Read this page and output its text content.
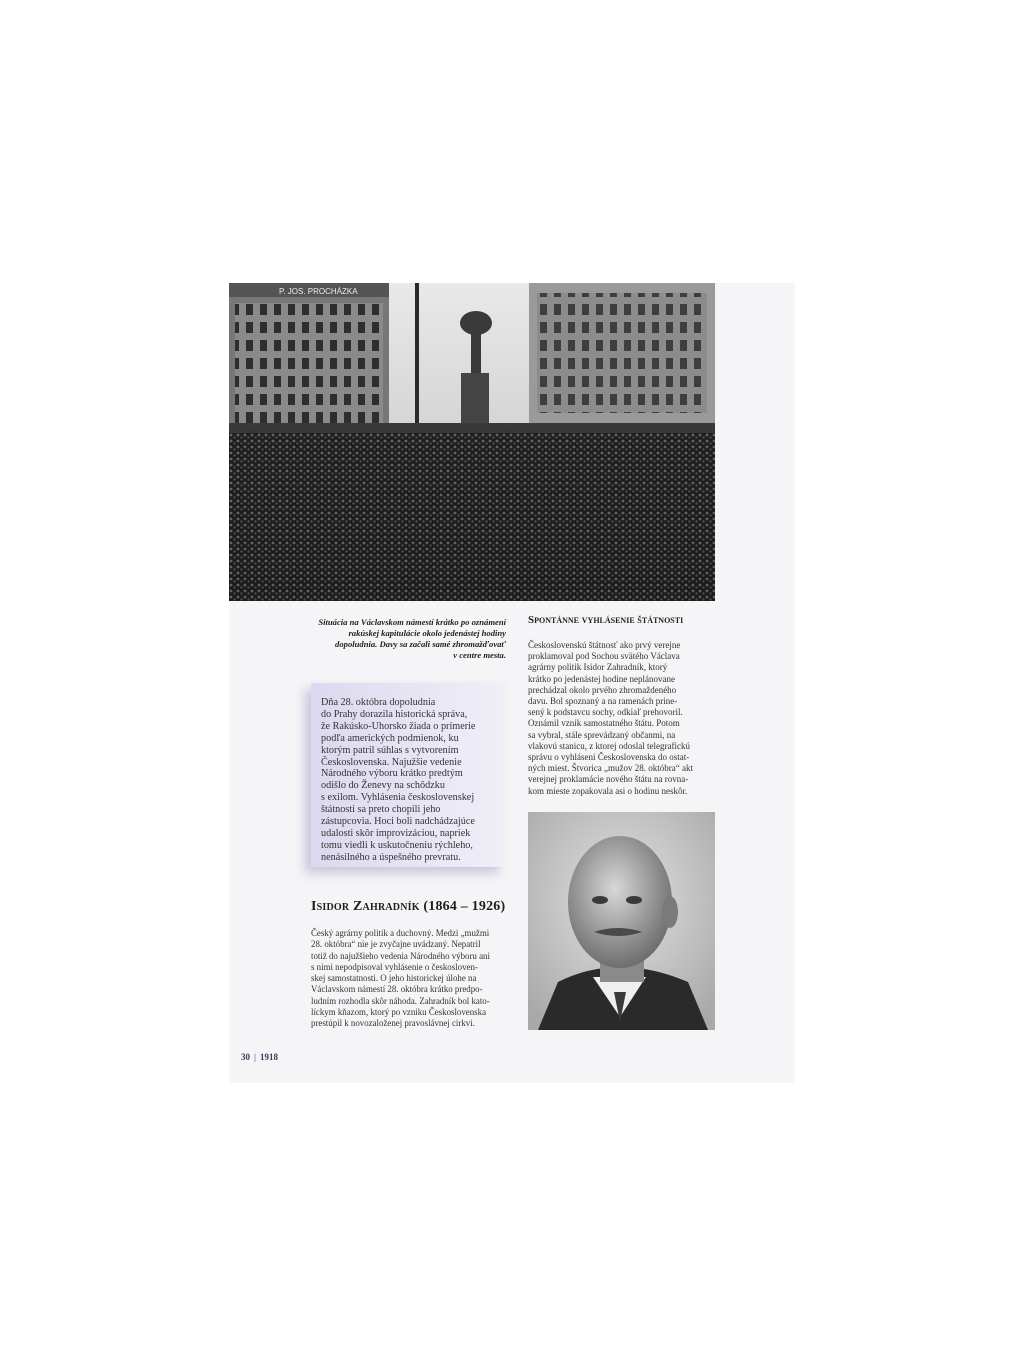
P. JOS. PROCHÁZKA
Situácia na Václavskom námestí krátko po oznámení
rakúskej kapitulácie okolo jedenástej hodiny
dopoludnia. Davy sa začali samé zhromažďovať
v centre mesta.
Dňa 28. októbra dopoludnia
do Prahy dorazila historická správa,
že Rakúsko-Uhorsko žiada o prímerie
podľa amerických podmienok, ku
ktorým patril súhlas s vytvorením
Československa. Najužšie vedenie
Národného výboru krátko predtým
odišlo do Ženevy na schôdzku
s exilom. Vyhlásenia československej
štátnosti sa preto chopili jeho
zástupcovia. Hoci boli nadchádzajúce
udalosti skôr improvizáciou, napriek
tomu viedli k uskutočneniu rýchleho,
nenásilného a úspešného prevratu.
Isidor Zahradník (1864 – 1926)
Český agrárny politik a duchovný. Medzi „mužmi
28. októbra“ nie je zvyčajne uvádzaný. Nepatril
totiž do najužšieho vedenia Národného výboru ani
s nimi nepodpisoval vyhlásenie o českosloven-
skej samostatnosti. O jeho historickej úlohe na
Václavskom námestí 28. októbra krátko predpo-
ludním rozhodla skôr náhoda. Zahradník bol kato-
líckym kňazom, ktorý po vzniku Československa
prestúpil k novozaloženej pravoslávnej cirkvi.
Spontánne vyhlásenie štátnosti
Československú štátnosť ako prvý verejne
proklamoval pod Sochou svätého Václava
agrárny politik Isidor Zahradník, ktorý
krátko po jedenástej hodine neplánovane
prechádzal okolo prvého zhromaždeného
davu. Bol spoznaný a na ramenách prine-
sený k podstavcu sochy, odkiaľ prehovoril.
Oznámil vznik samostatného štátu. Potom
sa vybral, stále sprevádzaný občanmi, na
vlakovú stanicu, z ktorej odoslal telegrafickú
správu o vyhlásení Československa do ostat-
ných miest. Štvorica „mužov 28. októbra“ akt
verejnej proklamácie nového štátu na rovna-
kom mieste zopakovala asi o hodinu neskôr.
30 | 1918
